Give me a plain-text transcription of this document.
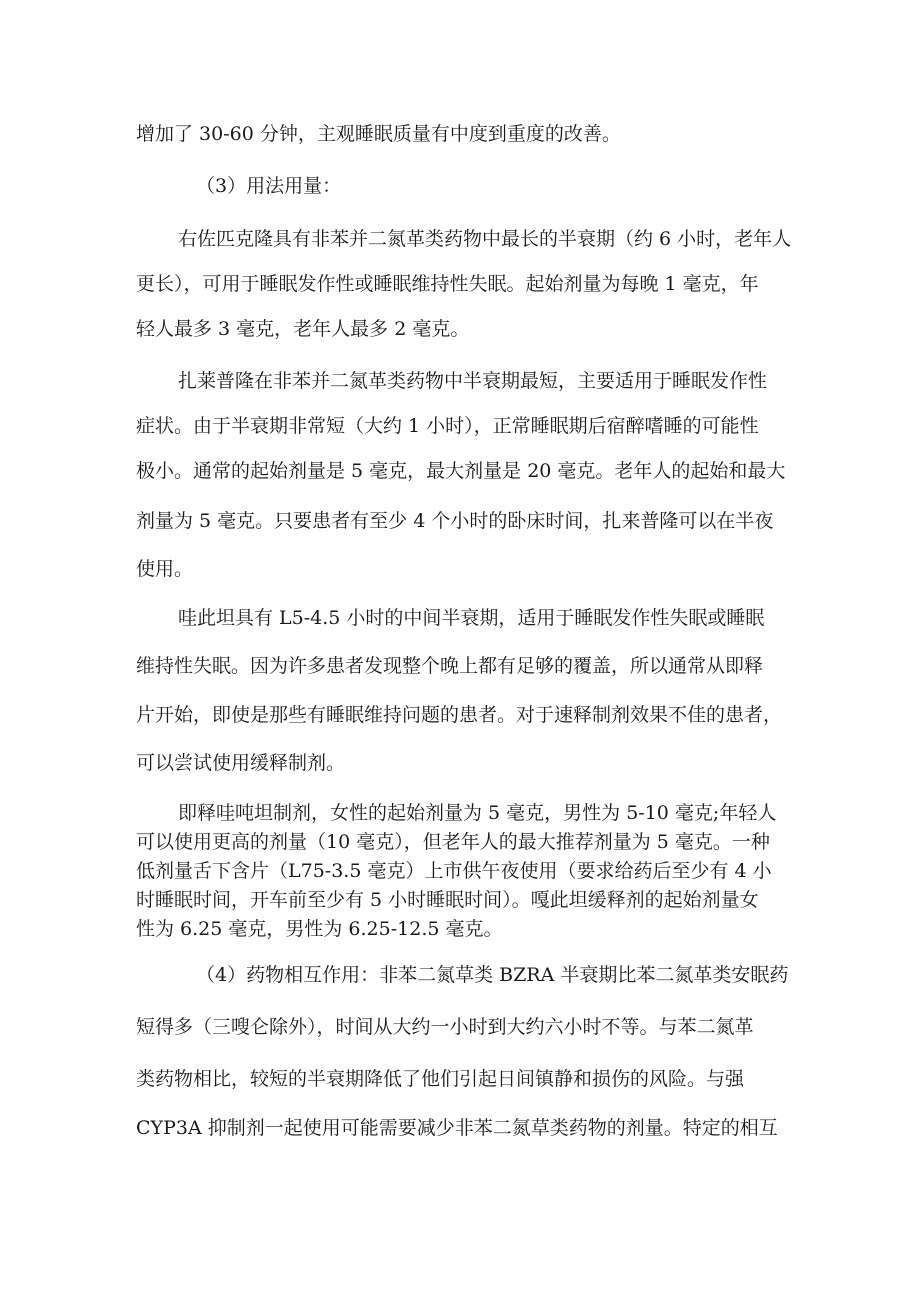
增加了 30-60 分钟，主观睡眠质量有中度到重度的改善。
（3）用法用量：
右佐匹克隆具有非苯并二氮革类药物中最长的半衰期（约 6 小时，老年人
更长），可用于睡眠发作性或睡眠维持性失眠。起始剂量为每晚 1 毫克，年
轻人最多 3 毫克，老年人最多 2 毫克。
扎莱普隆在非苯并二氮革类药物中半衰期最短，主要适用于睡眠发作性
症状。由于半衰期非常短（大约 1 小时），正常睡眠期后宿醉嗜睡的可能性
极小。通常的起始剂量是 5 毫克，最大剂量是 20 毫克。老年人的起始和最大
剂量为 5 毫克。只要患者有至少 4 个小时的卧床时间，扎来普隆可以在半夜
使用。
哇此坦具有 L5-4.5 小时的中间半衰期，适用于睡眠发作性失眠或睡眠
维持性失眠。因为许多患者发现整个晚上都有足够的覆盖，所以通常从即释
片开始，即使是那些有睡眠维持问题的患者。对于速释制剂效果不佳的患者，
可以尝试使用缓释制剂。
即释哇吨坦制剂，女性的起始剂量为 5 毫克，男性为 5-10 毫克;年轻人
可以使用更高的剂量（10 毫克），但老年人的最大推荐剂量为 5 毫克。一种
低剂量舌下含片（L75-3.5 毫克）上市供午夜使用（要求给药后至少有 4 小
时睡眠时间，开车前至少有 5 小时睡眠时间）。嘎此坦缓释剂的起始剂量女
性为 6.25 毫克，男性为 6.25-12.5 毫克。
（4）药物相互作用：非苯二氮草类 BZRA 半衰期比苯二氮革类安眠药
短得多（三嗖仑除外），时间从大约一小时到大约六小时不等。与苯二氮革
类药物相比，较短的半衰期降低了他们引起日间镇静和损伤的风险。与强
CYP3A 抑制剂一起使用可能需要减少非苯二氮草类药物的剂量。特定的相互
